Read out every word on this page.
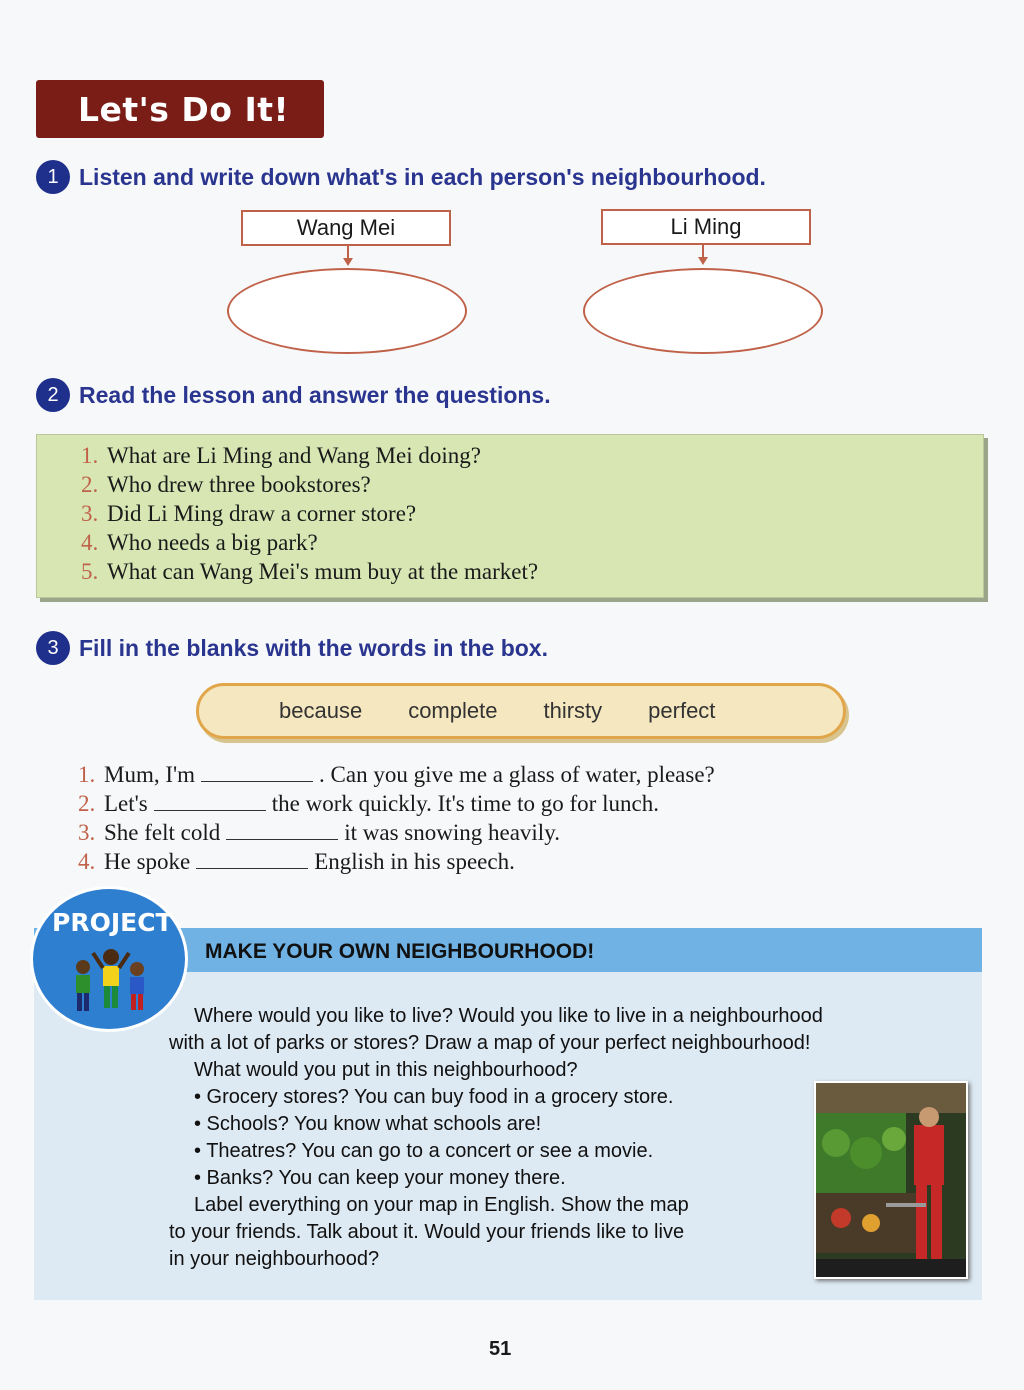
Let's Do It!
1 Listen and write down what's in each person's neighbourhood.
Wang Mei	Li Ming
2 Read the lesson and answer the questions.
1. What are Li Ming and Wang Mei doing?
2. Who drew three bookstores?
3. Did Li Ming draw a corner store?
4. Who needs a big park?
5. What can Wang Mei's mum buy at the market?
3 Fill in the blanks with the words in the box.
because complete thirsty perfect
1. Mum, I'm	. Can you give me a glass of water, please?
2. Let's	the work quickly. It's time to go for lunch.
3. She felt cold	it was snowing heavily.
4. He spoke	English in his speech.
MAKE YOUR OWN NEIGHBOURHOOD!
PROJECT
Where would you like to live? Would you like to live in a neighbourhood
with a lot of parks or stores? Draw a map of your perfect neighbourhood!
What would you put in this neighbourhood?
• Grocery stores? You can buy food in a grocery store.
• Schools? You know what schools are!
• Theatres? You can go to a concert or see a movie.
• Banks? You can keep your money there.
Label everything on your map in English. Show the map
to your friends. Talk about it. Would your friends like to live
in your neighbourhood?
51
